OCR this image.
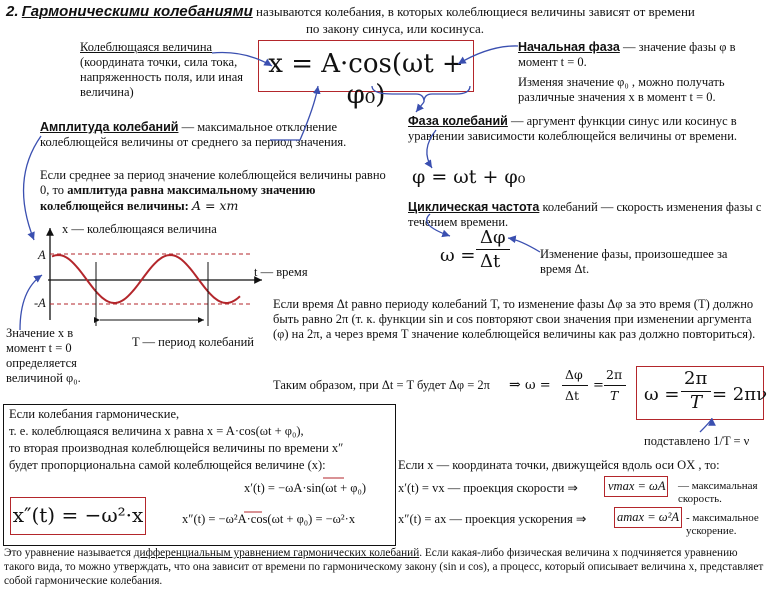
2. Гармоническими колебаниями называются колебания, в которых колеблющиеся величины зависят от времени
по закону синуса, или косинуса.
Колеблющаяся величина
(координата точки, сила тока, напряженность поля, или иная величина)
x = A·cos(ωt + φ₀)
Начальная фаза — значение фазы φ в момент t = 0.
Изменяя значение φ₀ , можно получать различные значения x в момент t = 0.
Амплитуда колебаний — максимальное отклонение колеблющейся величины от среднего за период значения.
Если среднее за период значение колеблющейся величины равно 0, то амплитуда равна максимальному значению колеблющейся величины: A = xm
Фаза колебаний — аргумент функции синус или косинус в уравнении зависимости колеблющейся величины от времени.
φ = ωt + φ₀
Циклическая частота колебаний — скорость изменения фазы с течением времени.
ω =
Δφ
Δt	Изменение фазы, произошедшее за время Δt.
x — колеблющаяся величина
A
-A
t — время
T — период колебаний
Значение x в момент t = 0 определяется величиной φ₀.
Если время Δt равно периоду колебаний T, то изменение фазы Δφ за это время (T) должно быть равно 2π (т. к. функции sin и cos повторяют свои значения при изменении аргумента (φ) на 2π, а через время T значение колеблющейся величины как раз должно повториться).
Таким образом, при Δt = T будет Δφ = 2π ⇒ ω =
Δφ
Δt
=
2π
T ω =
2π
T = 2πν
подставлено 1/T = ν
Если колебания гармонические,
т. е. колеблющаяся величина x равна x = A·cos(ωt + φ₀),
то вторая производная колеблющейся величины по времени x″
будет пропорциональна самой колеблющейся величине (x):
x′(t) = −ωA·sin(ωt + φ₀)
x″(t) = −ω²A·cos(ωt + φ₀) = −ω²·x
x″(t) = −ω²·x
Если x — координата точки, движущейся вдоль оси OX , то:
x′(t) = vx — проекция скорости ⇒ vmax = ωA — максимальная скорость.
x″(t) = ax — проекция ускорения ⇒ amax = ω²A - максимальное ускорение.
Это уравнение называется дифференциальным уравнением гармонических колебаний. Если какая-либо физическая величина x подчиняется уравнению такого вида, то можно утверждать, что она зависит от времени по гармоническому закону (sin и cos), а процесс, который описывает величина x, представляет собой гармонические колебания.
